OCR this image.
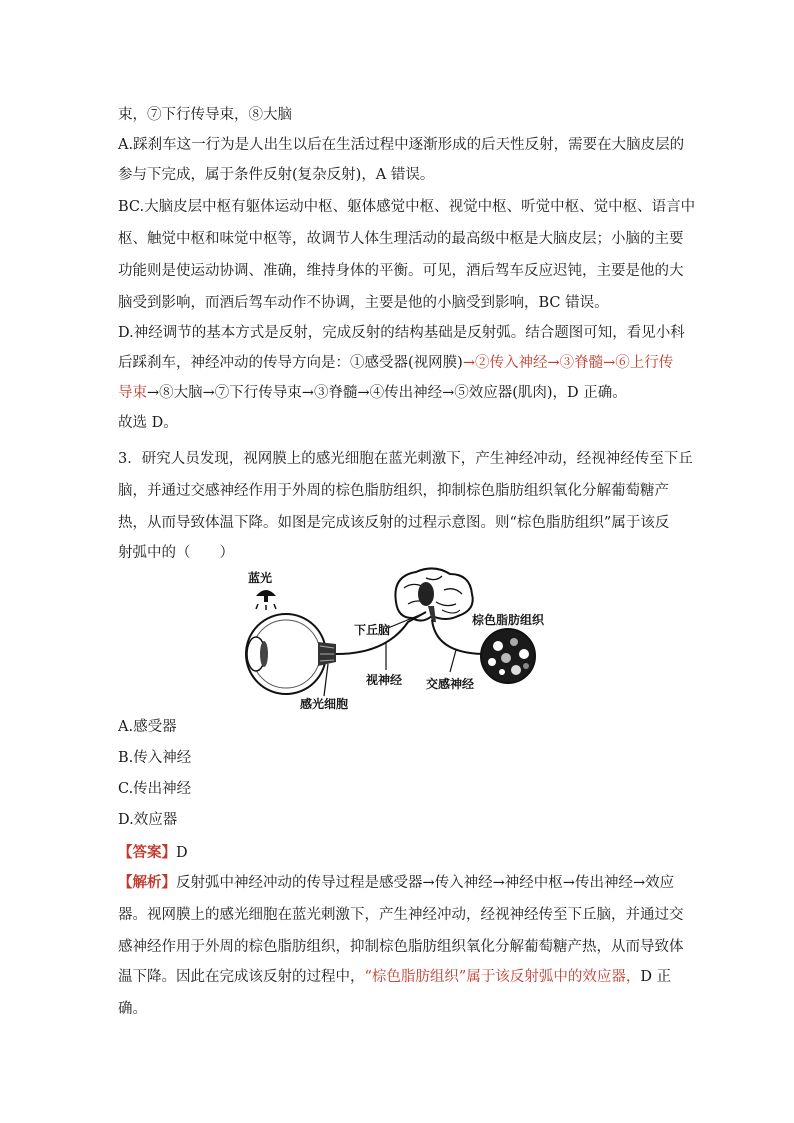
束，⑦下行传导束，⑧大脑
A.踩刹车这一行为是人出生以后在生活过程中逐渐形成的后天性反射，需要在大脑皮层的
参与下完成，属于条件反射(复杂反射)，A 错误。
BC.大脑皮层中枢有躯体运动中枢、躯体感觉中枢、视觉中枢、听觉中枢、觉中枢、语言中
枢、触觉中枢和味觉中枢等，故调节人体生理活动的最高级中枢是大脑皮层；小脑的主要
功能则是使运动协调、准确，维持身体的平衡。可见，酒后驾车反应迟钝，主要是他的大
脑受到影响，而酒后驾车动作不协调，主要是他的小脑受到影响，BC 错误。
D.神经调节的基本方式是反射，完成反射的结构基础是反射弧。结合题图可知，看见小科
后踩刹车，神经冲动的传导方向是：①感受器(视网膜)→②传入神经→③脊髓→⑥上行传
导束→⑧大脑→⑦下行传导束→③脊髓→④传出神经→⑤效应器(肌肉)，D 正确。
故选 D。
3．研究人员发现，视网膜上的感光细胞在蓝光刺激下，产生神经冲动，经视神经传至下丘
脑，并通过交感神经作用于外周的棕色脂肪组织，抑制棕色脂肪组织氧化分解葡萄糖产
热，从而导致体温下降。如图是完成该反射的过程示意图。则“棕色脂肪组织”属于该反
射弧中的（　　）
蓝光
下丘脑
棕色脂肪组织
视神经 交感神经
感光细胞
A.感受器
B.传入神经
C.传出神经
D.效应器
【答案】D
【解析】反射弧中神经冲动的传导过程是感受器→传入神经→神经中枢→传出神经→效应
器。视网膜上的感光细胞在蓝光刺激下，产生神经冲动，经视神经传至下丘脑，并通过交
感神经作用于外周的棕色脂肪组织，抑制棕色脂肪组织氧化分解葡萄糖产热，从而导致体
温下降。因此在完成该反射的过程中，“棕色脂肪组织”属于该反射弧中的效应器，D 正
确。
